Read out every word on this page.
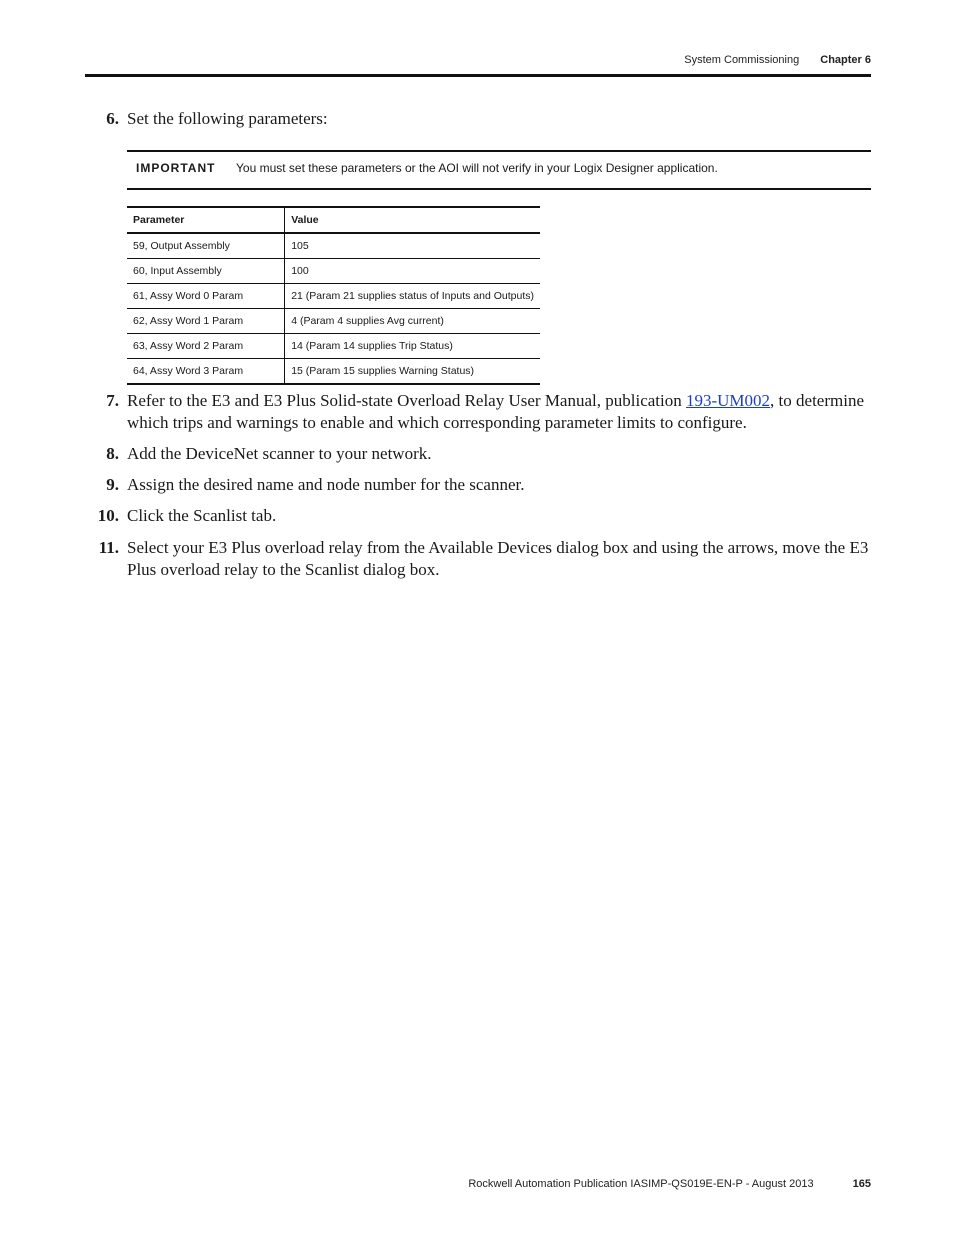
System Commissioning Chapter 6
6. Set the following parameters:
IMPORTANT You must set these parameters or the AOI will not verify in your Logix Designer application.
Parameter	Value
59, Output Assembly	105
60, Input Assembly	100
61, Assy Word 0 Param	21 (Param 21 supplies status of Inputs and Outputs)
62, Assy Word 1 Param	4 (Param 4 supplies Avg current)
63, Assy Word 2 Param	14 (Param 14 supplies Trip Status)
64, Assy Word 3 Param	15 (Param 15 supplies Warning Status)
7. Refer to the E3 and E3 Plus Solid-state Overload Relay User Manual, publication 193-UM002, to determine which trips and warnings to enable and which corresponding parameter limits to configure.
8. Add the DeviceNet scanner to your network.
9. Assign the desired name and node number for the scanner.
10. Click the Scanlist tab.
11. Select your E3 Plus overload relay from the Available Devices dialog box and using the arrows, move the E3 Plus overload relay to the Scanlist dialog box.
Rockwell Automation Publication IASIMP-QS019E-EN-P - August 2013	165
